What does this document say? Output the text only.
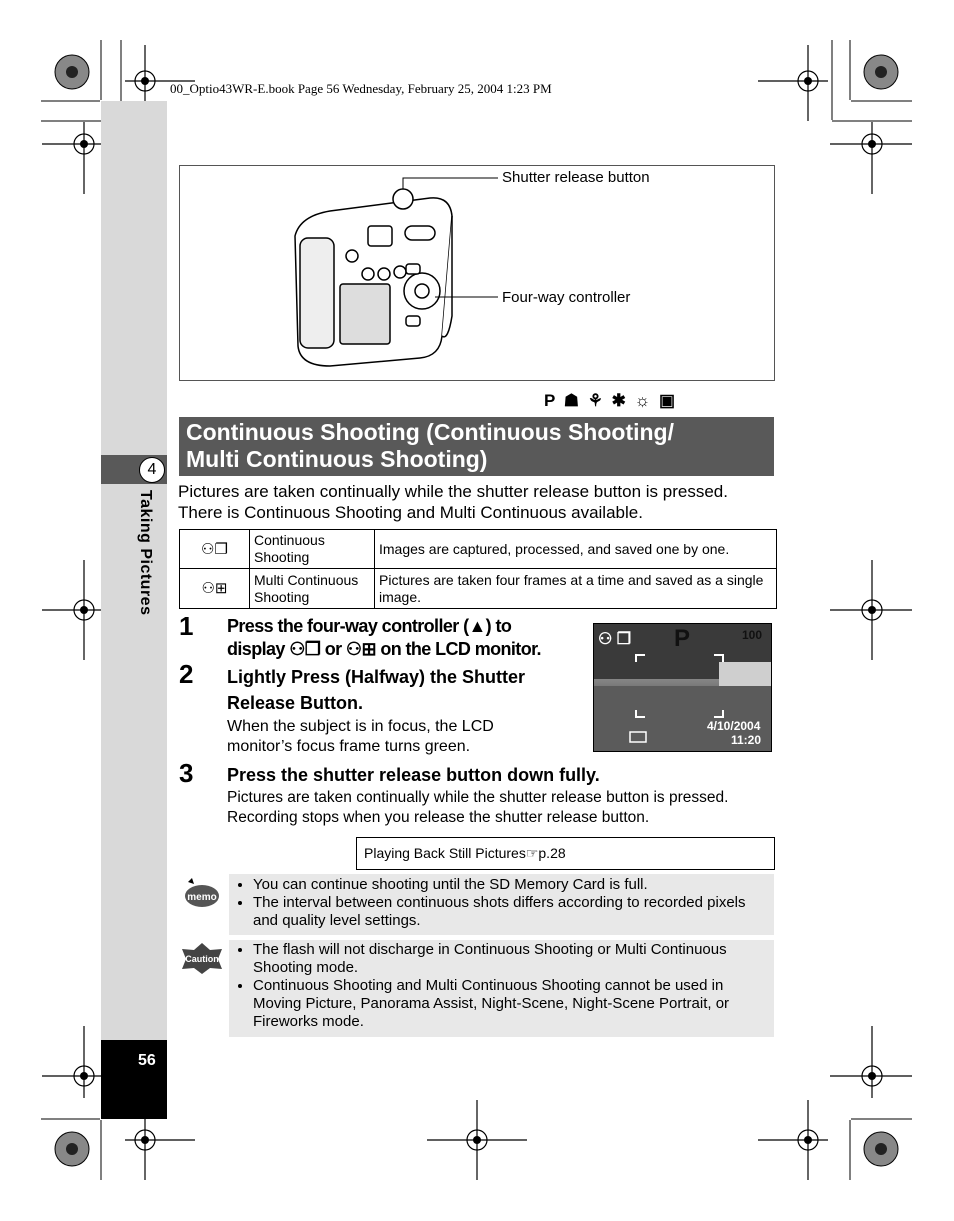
00_Optio43WR-E.book Page 56 Wednesday, February 25, 2004 1:23 PM
4
Taking Pictures
56
Shutter release button
Four-way controller
P ☗ ⚘ ✱ ☼ ▣
Continuous Shooting (Continuous Shooting/
Multi Continuous Shooting)
Pictures are taken continually while the shutter release button is pressed.
There is Continuous Shooting and Multi Continuous available.
⚇❐	Continuous Shooting	Images are captured, processed, and saved one by one.
⚇⊞	Multi Continuous Shooting	Pictures are taken four frames at a time and saved as a single image.
1 Press the four-way controller (▲) to
display ⚇❐ or ⚇⊞ on the LCD monitor.
2 Lightly Press (Halfway) the Shutter
Release Button.
When the subject is in focus, the LCD
monitor’s focus frame turns green.
3 Press the shutter release button down fully.
Pictures are taken continually while the shutter release button is pressed.
Recording stops when you release the shutter release button.
⚇ ❐ P	100
4/10/2004
11:20
Playing Back Still Pictures☞p.28
memo
• You can continue shooting until the SD Memory Card is full.
• The interval between continuous shots differs according to recorded pixels and quality level settings.
Caution
• The flash will not discharge in Continuous Shooting or Multi Continuous Shooting mode.
• Continuous Shooting and Multi Continuous Shooting cannot be used in Moving Picture, Panorama Assist, Night-Scene, Night-Scene Portrait, or Fireworks mode.
